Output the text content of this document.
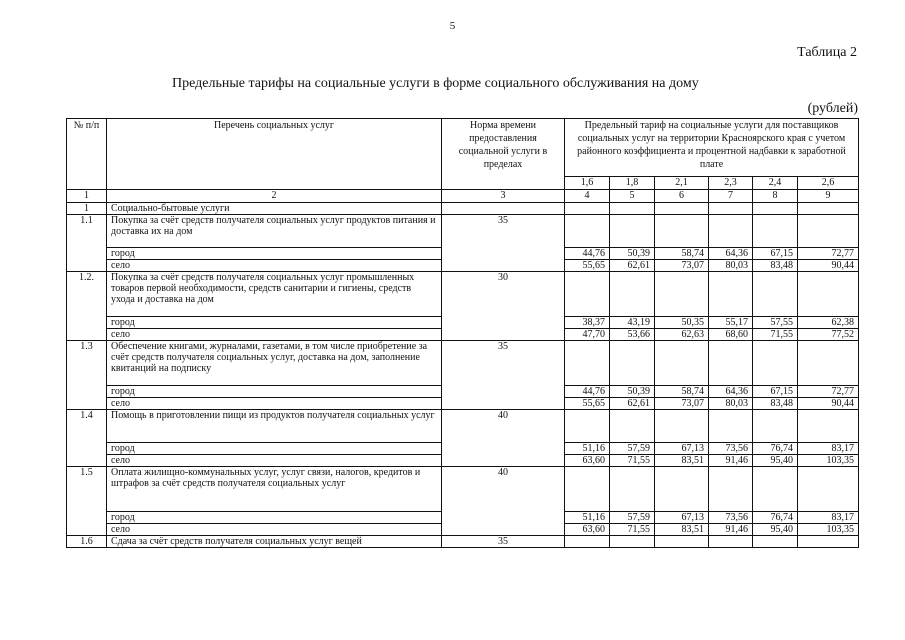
5
Таблица 2
Предельные тарифы на социальные услуги в форме социального обслуживания на дому
(рублей)
№ п/п	Перечень социальных услуг	Норма времени предоставления социальной услуги в пределах	Предельный тариф на социальные услуги для поставщиков социальных услуг на территории Красноярского края с учетом районного коэффициента и процентной надбавки к заработной плате					
			1,6	1,8	2,1	2,3	2,4	2,6
1	2	3	4	5	6	7	8	9
1	Социально-бытовые услуги							
1.1	Покупка за счёт средств получателя социальных услуг продуктов питания и доставка их на дом	35						
	город		44,76	50,39	58,74	64,36	67,15	72,77
	село		55,65	62,61	73,07	80,03	83,48	90,44
1.2.	Покупка за счёт средств получателя социальных услуг промышленных товаров первой необходимости, средств санитарии и гигиены, средств ухода и доставка на дом	30						
	город		38,37	43,19	50,35	55,17	57,55	62,38
	село		47,70	53,66	62,63	68,60	71,55	77,52
1.3	Обеспечение книгами, журналами, газетами, в том числе приобретение за счёт средств получателя социальных услуг, доставка на дом, заполнение квитанций на подписку	35						
	город		44,76	50,39	58,74	64,36	67,15	72,77
	село		55,65	62,61	73,07	80,03	83,48	90,44
1.4	Помощь в приготовлении пищи из продуктов получателя социальных услуг	40						
	город		51,16	57,59	67,13	73,56	76,74	83,17
	село		63,60	71,55	83,51	91,46	95,40	103,35
1.5	Оплата жилищно-коммунальных услуг, услуг связи, налогов, кредитов и штрафов за счёт средств получателя социальных услуг	40						
	город		51,16	57,59	67,13	73,56	76,74	83,17
	село		63,60	71,55	83,51	91,46	95,40	103,35
1.6	Сдача за счёт средств получателя социальных услуг вещей	35						
